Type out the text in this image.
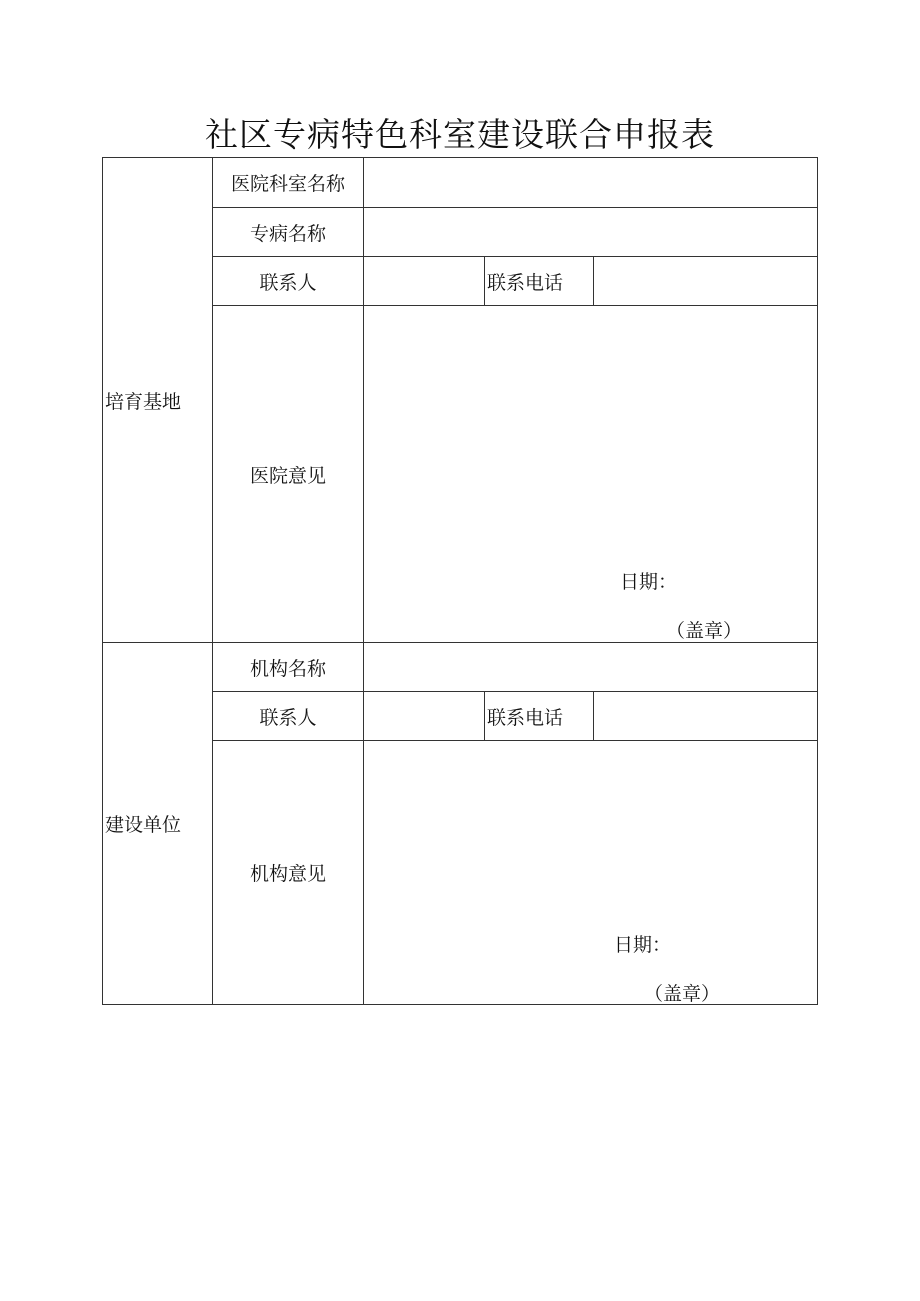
社区专病特色科室建设联合申报表
培育基地	医院科室名称			

	专病名称			

	联系人		联系电话	

	医院意见	日期：
（盖章）		

建设单位	机构名称			

	联系人		联系电话	

	机构意见	日期：
（盖章）		
